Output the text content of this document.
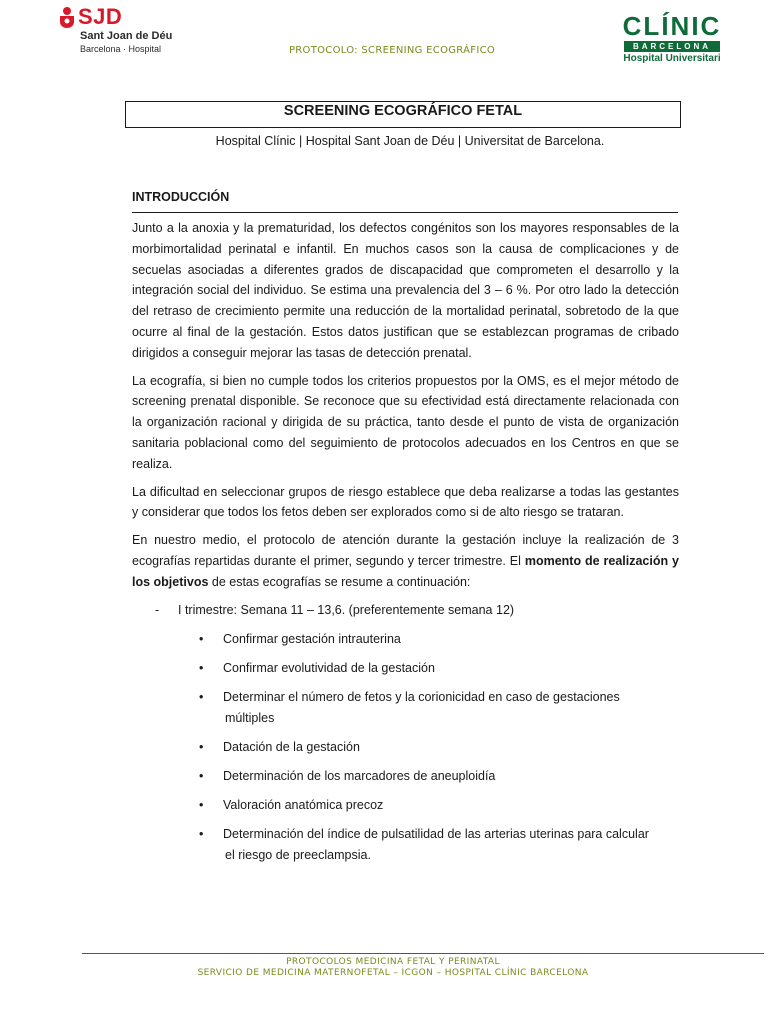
SJD
Sant Joan de Déu
Barcelona · Hospital	PROTOCOLO: SCREENING ECOGRÁFICO
CLÍNIC
BARCELONA
Hospital Universitari
SCREENING ECOGRÁFICO FETAL
Hospital Clínic | Hospital Sant Joan de Déu | Universitat de Barcelona.
INTRODUCCIÓN

Junto a la anoxia y la prematuridad, los defectos congénitos son los mayores responsables de la morbimortalidad perinatal e infantil. En muchos casos son la causa de complicaciones y de secuelas asociadas a diferentes grados de discapacidad que comprometen el desarrollo y la integración social del individuo. Se estima una prevalencia del 3 – 6 %. Por otro lado la detección del retraso de crecimiento permite una reducción de la mortalidad perinatal, sobretodo de la que ocurre al final de la gestación. Estos datos justifican que se establezcan programas de cribado dirigidos a conseguir mejorar las tasas de detección prenatal.

La ecografía, si bien no cumple todos los criterios propuestos por la OMS, es el mejor método de screening prenatal disponible. Se reconoce que su efectividad está directamente relacionada con la organización racional y dirigida de su práctica, tanto desde el punto de vista de organización sanitaria poblacional como del seguimiento de protocolos adecuados en los Centros en que se realiza.

La dificultad en seleccionar grupos de riesgo establece que deba realizarse a todas las gestantes y considerar que todos los fetos deben ser explorados como si de alto riesgo se trataran.

En nuestro medio, el protocolo de atención durante la gestación incluye la realización de 3 ecografías repartidas durante el primer, segundo y tercer trimestre. El momento de realización y los objetivos de estas ecografías se resume a continuación:

- I trimestre: Semana 11 – 13,6. (preferentemente semana 12)
• Confirmar gestación intrauterina
• Confirmar evolutividad de la gestación
• Determinar el número de fetos y la corionicidad en caso de gestaciones
múltiples
• Datación de la gestación
• Determinación de los marcadores de aneuploidía
• Valoración anatómica precoz
• Determinación del índice de pulsatilidad de las arterias uterinas para calcular
el riesgo de preeclampsia.
PROTOCOLOS MEDICINA FETAL Y PERINATAL
SERVICIO DE MEDICINA MATERNOFETAL – ICGON – HOSPITAL CLÍNIC BARCELONA
